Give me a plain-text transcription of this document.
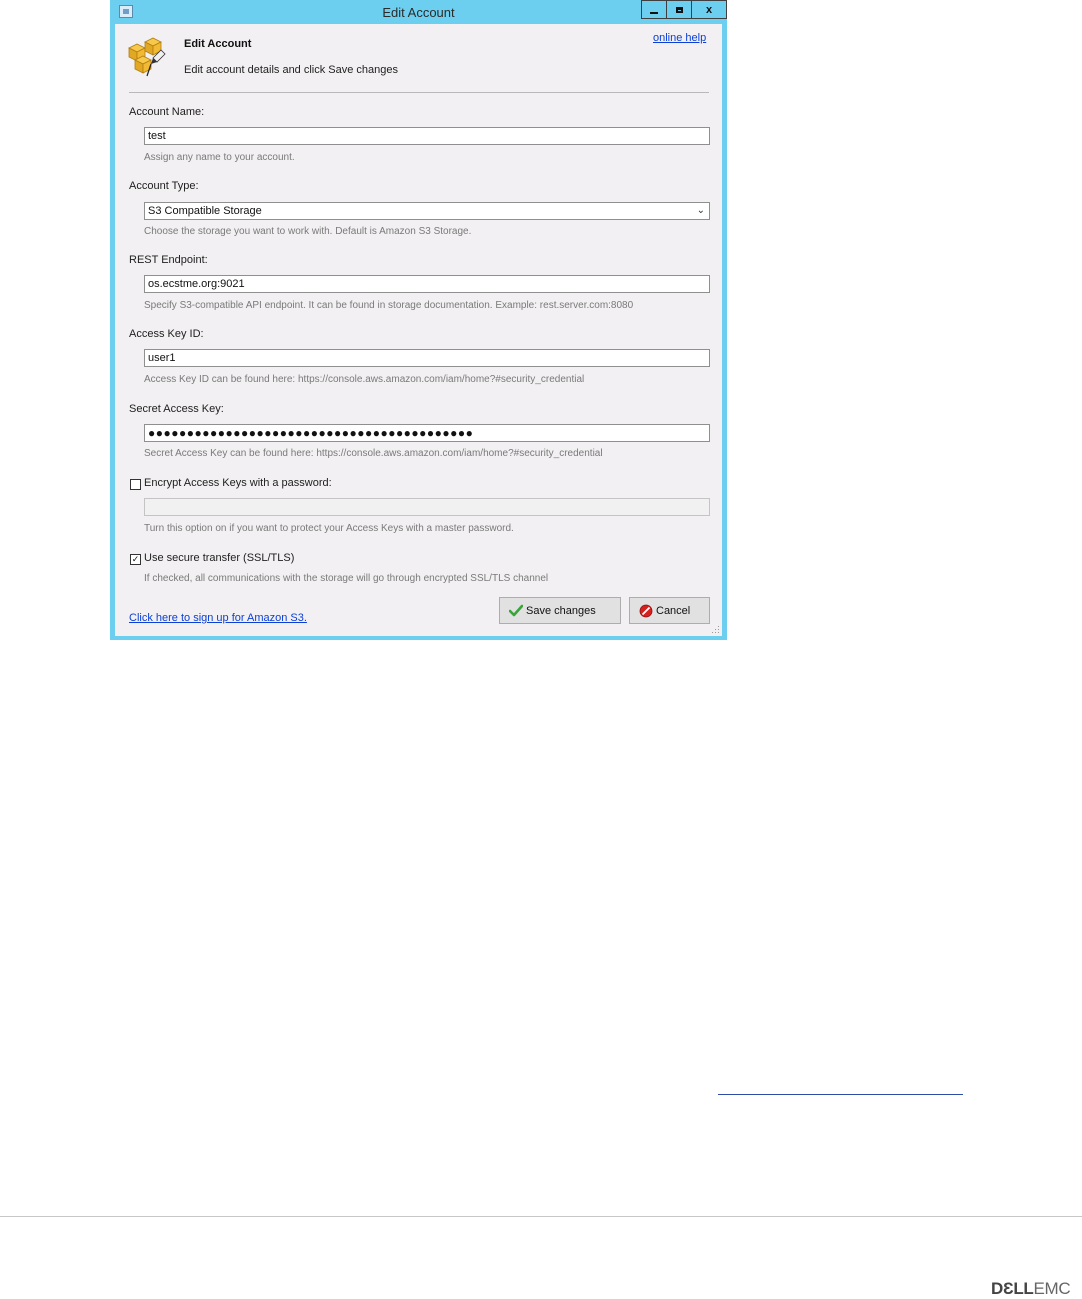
Edit Account	x
Edit Account
Edit account details and click Save changes
online help
Account Name:
test
Assign any name to your account.
Account Type:
S3 Compatible Storage	⌄
Choose the storage you want to work with. Default is Amazon S3 Storage.
REST Endpoint:
os.ecstme.org:9021
Specify S3-compatible API endpoint. It can be found in storage documentation. Example: rest.server.com:8080
Access Key ID:
user1
Access Key ID can be found here: https://console.aws.amazon.com/iam/home?#security_credential
Secret Access Key:
●●●●●●●●●●●●●●●●●●●●●●●●●●●●●●●●●●●●●●●●●●
Secret Access Key can be found here: https://console.aws.amazon.com/iam/home?#security_credential
Encrypt Access Keys with a password:
Turn this option on if you want to protect your Access Keys with a master password.
✓ Use secure transfer (SSL/TLS)
If checked, all communications with the storage will go through encrypted SSL/TLS channel
Click here to sign up for Amazon S3.
Save changes	Cancel
DƐLLEMC
